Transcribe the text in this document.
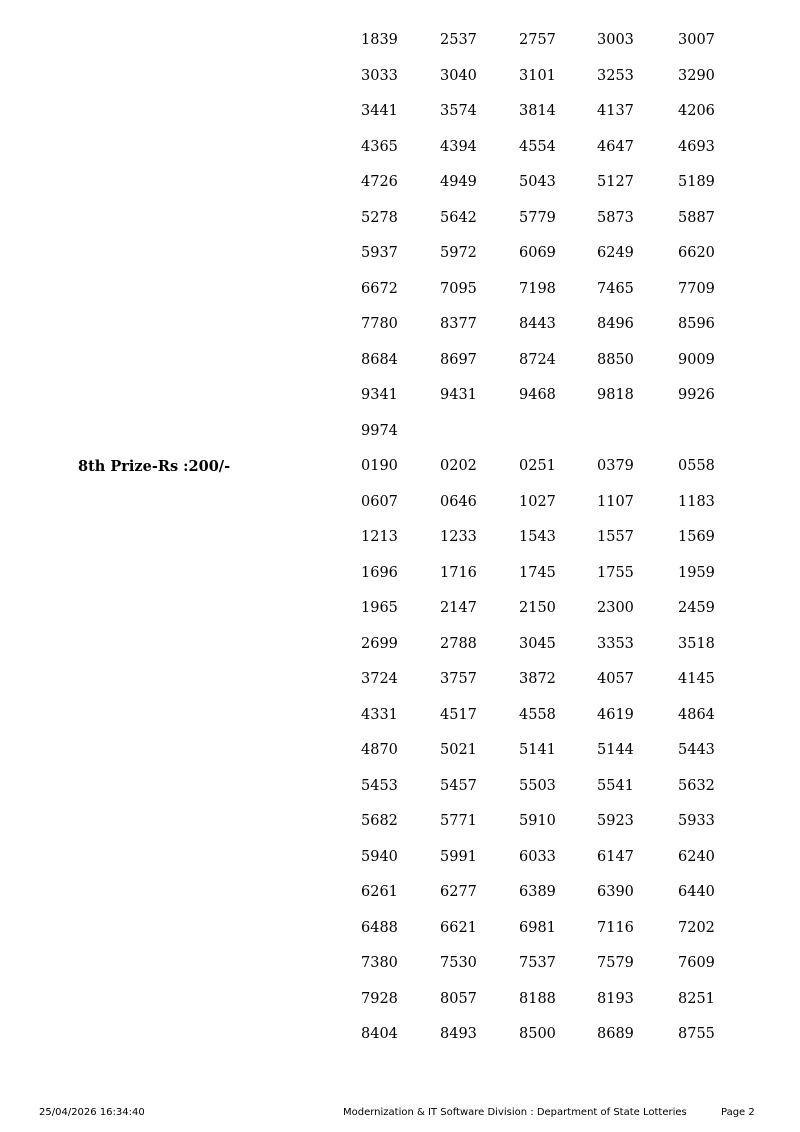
1839	2537	2757	3003	3007
3033	3040	3101	3253	3290
3441	3574	3814	4137	4206
4365	4394	4554	4647	4693
4726	4949	5043	5127	5189
5278	5642	5779	5873	5887
5937	5972	6069	6249	6620
6672	7095	7198	7465	7709
7780	8377	8443	8496	8596
8684	8697	8724	8850	9009
9341	9431	9468	9818	9926
9974
8th Prize-Rs :200/-	0190	0202	0251	0379	0558
0607	0646	1027	1107	1183
1213	1233	1543	1557	1569
1696	1716	1745	1755	1959
1965	2147	2150	2300	2459
2699	2788	3045	3353	3518
3724	3757	3872	4057	4145
4331	4517	4558	4619	4864
4870	5021	5141	5144	5443
5453	5457	5503	5541	5632
5682	5771	5910	5923	5933
5940	5991	6033	6147	6240
6261	6277	6389	6390	6440
6488	6621	6981	7116	7202
7380	7530	7537	7579	7609
7928	8057	8188	8193	8251
8404	8493	8500	8689	8755
25/04/2026 16:34:40	Modernization & IT Software Division : Department of State Lotteries	Page 2
